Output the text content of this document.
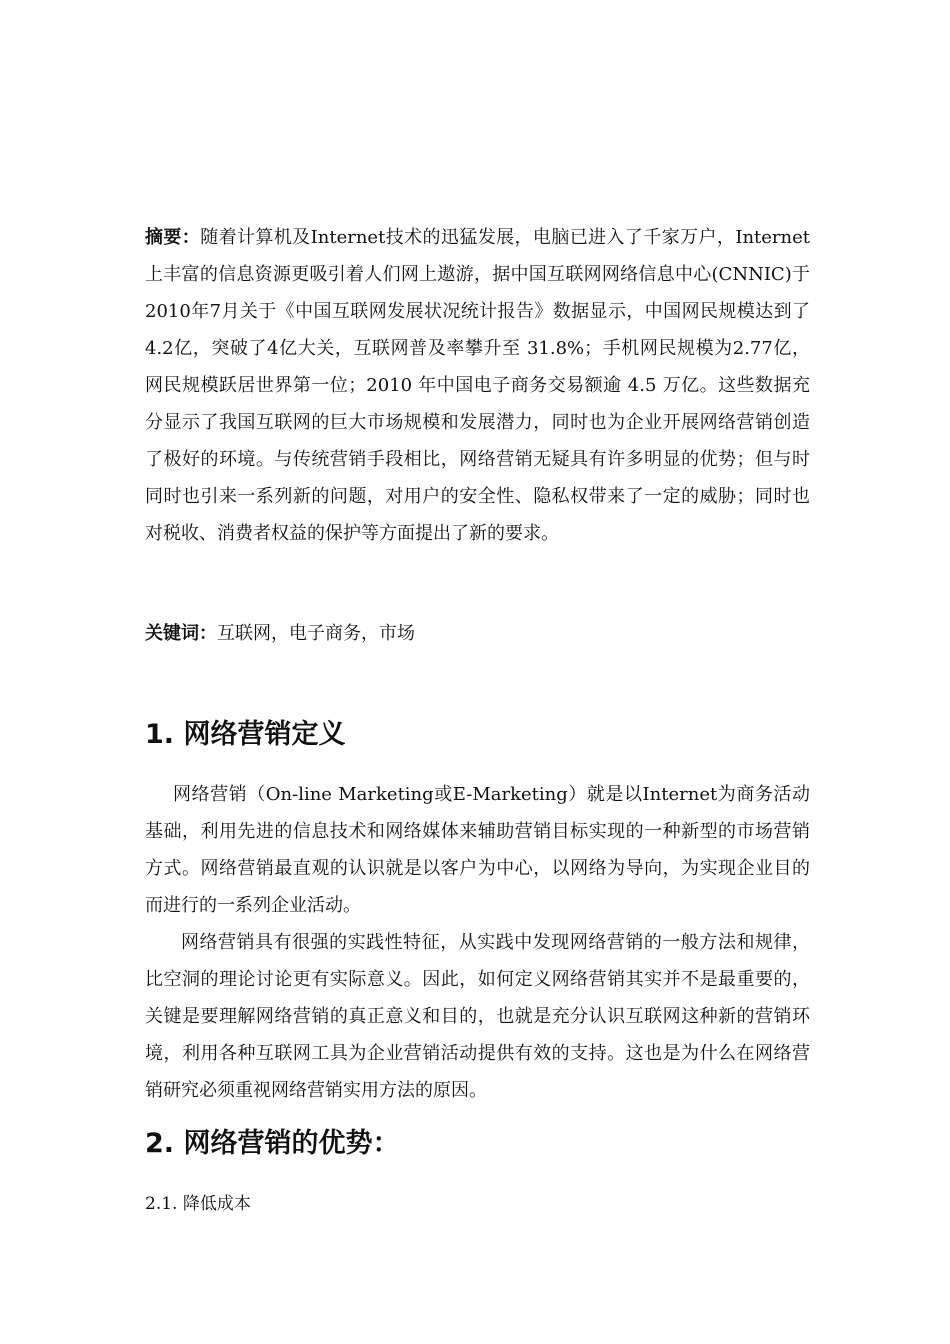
摘要：随着计算机及Internet技术的迅猛发展，电脑已进入了千家万户，Internet上丰富的信息资源更吸引着人们网上遨游，据中国互联网网络信息中心(CNNIC)于2010年7月关于《中国互联网发展状况统计报告》数据显示，中国网民规模达到了4.2亿，突破了4亿大关，互联网普及率攀升至 31.8%；手机网民规模为2.77亿，网民规模跃居世界第一位；2010 年中国电子商务交易额逾 4.5 万亿。这些数据充分显示了我国互联网的巨大市场规模和发展潜力，同时也为企业开展网络营销创造了极好的环境。与传统营销手段相比，网络营销无疑具有许多明显的优势；但与时同时也引来一系列新的问题，对用户的安全性、隐私权带来了一定的威胁；同时也对税收、消费者权益的保护等方面提出了新的要求。

关键词：互联网，电子商务，市场

1. 网络营销定义

网络营销（On-line Marketing或E-Marketing）就是以Internet为商务活动基础，利用先进的信息技术和网络媒体来辅助营销目标实现的一种新型的市场营销方式。网络营销最直观的认识就是以客户为中心，以网络为导向，为实现企业目的而进行的一系列企业活动。

网络营销具有很强的实践性特征，从实践中发现网络营销的一般方法和规律，比空洞的理论讨论更有实际意义。因此，如何定义网络营销其实并不是最重要的，关键是要理解网络营销的真正意义和目的，也就是充分认识互联网这种新的营销环境，利用各种互联网工具为企业营销活动提供有效的支持。这也是为什么在网络营销研究必须重视网络营销实用方法的原因。

2. 网络营销的优势：

2.1. 降低成本
